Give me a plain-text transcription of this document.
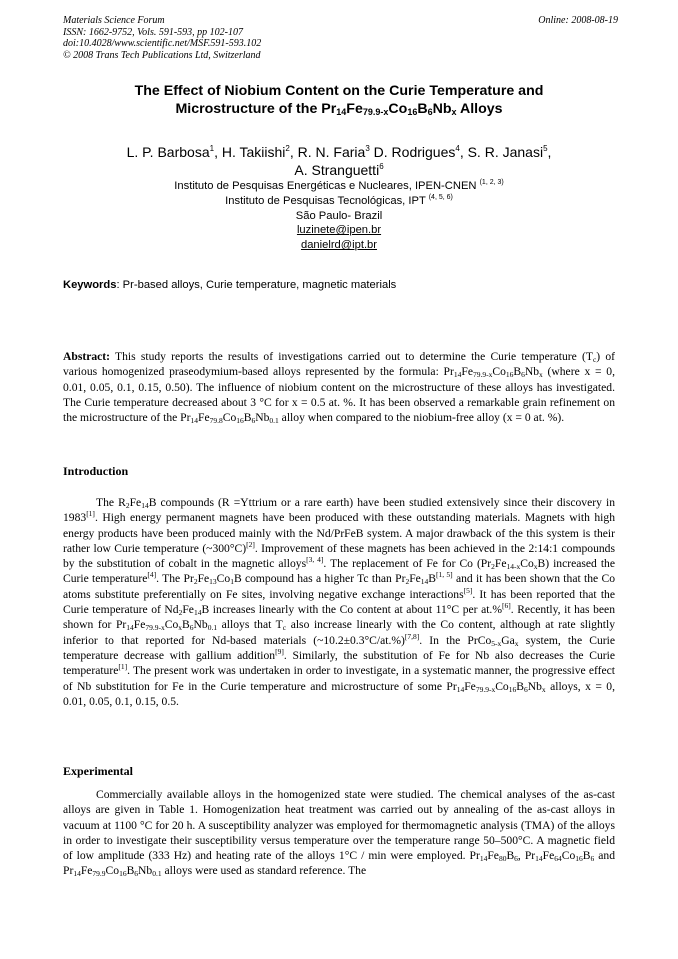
Materials Science Forum
ISSN: 1662-9752, Vols. 591-593, pp 102-107
doi:10.4028/www.scientific.net/MSF.591-593.102
© 2008 Trans Tech Publications Ltd, Switzerland
Online: 2008-08-19
The Effect of Niobium Content on the Curie Temperature and
Microstructure of the $Pr_{14}Fe_{79.9-x}Co_{16}B_6Nb_x$ Alloys
L. P. Barbosa$^1$, H. Takiishi$^2$, R. N. Faria$^3$ D. Rodrigues$^4$, S. R. Janasi$^5$,
A. Stranguetti$^6$
Instituto de Pesquisas Energéticas e Nucleares, IPEN-CNEN $^{(1, 2, 3)}$
Instituto de Pesquisas Tecnológicas, IPT $^{(4, 5, 6)}$
São Paulo- Brazil
luzinete@ipen.br
danielrd@ipt.br
Keywords: Pr-based alloys, Curie temperature, magnetic materials
Abstract: This study reports the results of investigations carried out to determine the Curie temperature $(T_c)$ of various homogenized praseodymium-based alloys represented by the formula: $Pr_{14}Fe_{79.9-x}Co_{16}B_6Nb_x$ (where x = 0, 0.01, 0.05, 0.1, 0.15, 0.50). The influence of niobium content on the microstructure of these alloys has investigated. The Curie temperature decreased about 3 °C for x = 0.5 at. %. It has been observed a remarkable grain refinement on the microstructure of the $Pr_{14}Fe_{79.8}Co_{16}B_6Nb_{0.1}$ alloy when compared to the niobium-free alloy (x = 0 at. %).
Introduction
The $R_2Fe_{14}B$ compounds (R =Yttrium or a rare earth) have been studied extensively since their discovery in 1983[1]. High energy permanent magnets have been produced with these outstanding materials. Magnets with high energy products have been produced mainly with the Nd/PrFeB system. A major drawback of the this system is their rather low Curie temperature (~300°C)[2]. Improvement of these magnets has been achieved in the 2:14:1 compounds by the substitution of cobalt in the magnetic alloys[3, 4]. The replacement of Fe for Co $(Pr_2Fe_{14-x}Co_xB)$ increased the Curie temperature[4]. The $Pr_2Fe_{13}Co_1B$ compound has a higher Tc than $Pr_2Fe_{14}B[1, 5]$ and it has been shown that the Co atoms substitute preferentially on Fe sites, involving negative exchange interactions[5]. It has been reported that the Curie temperature of $Nd_2Fe_{14}B$ increases linearly with the Co content at about 11°C per at.%[6]. Recently, it has been shown for $Pr_{14}Fe_{79.9-x}Co_xB_6Nb_{0.1}$ alloys that $T_c$ also increase linearly with the Co content, although at rate slightly inferior to that reported for Nd-based materials (~10.2±0.3°C/at.%)[7,8]. In the $PrCo_{5-x}Ga_x$ system, the Curie temperature decrease with gallium addition[9]. Similarly, the substitution of Fe for Nb also decreases the Curie temperature[1]. The present work was undertaken in order to investigate, in a systematic manner, the progressive effect of Nb substitution for Fe in the Curie temperature and microstructure of some $Pr_{14}Fe_{79.9-x}Co_{16}B_6Nb_x$ alloys, x = 0, 0.01, 0.05, 0.1, 0.15, 0.5.
Experimental
Commercially available alloys in the homogenized state were studied. The chemical analyses of the as-cast alloys are given in Table 1. Homogenization heat treatment was carried out by annealing of the as-cast alloys in vacuum at 1100 °C for 20 h. A susceptibility analyzer was employed for thermomagnetic analysis (TMA) of the alloys in order to investigate their susceptibility versus temperature over the temperature range 50–500°C. A magnetic field of low amplitude (333 Hz) and heating rate of the alloys 1°C / min were employed. $Pr_{14}Fe_{80}B_6$, $Pr_{14}Fe_{64}Co_{16}B_6$ and $Pr_{14}Fe_{79.9}Co_{16}B_6Nb_{0.1}$ alloys were used as standard reference. The
